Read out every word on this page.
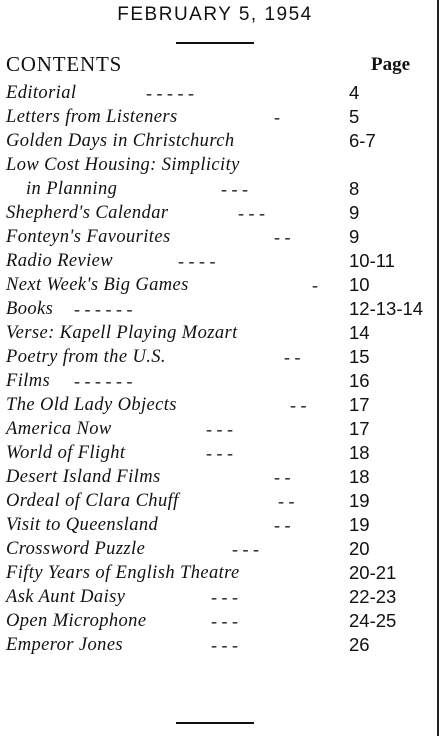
FEBRUARY 5, 1954
CONTENTS	Page
Editorial	- - - - -	4
Letters from Listeners	-	5
Golden Days in Christchurch	6-7
Low Cost Housing: Simplicity
in Planning	- - -	8
Shepherd's Calendar	- - -	9
Fonteyn's Favourites	- -	9
Radio Review	- - - -	10-11
Next Week's Big Games	- 10
Books - - - - - -	12-13-14
Verse: Kapell Playing Mozart	14
Poetry from the U.S.	- -	15
Films - - - - - -	16
The Old Lady Objects	- - 17
America Now	- - -	17
World of Flight	- - -	18
Desert Island Films	- -	18
Ordeal of Clara Chuff	- -	19
Visit to Queensland	- -	19
Crossword Puzzle	- - -	20
Fifty Years of English Theatre	20-21
Ask Aunt Daisy	- - -	22-23
Open Microphone	- - -	24-25
Emperor Jones	- - -	26
